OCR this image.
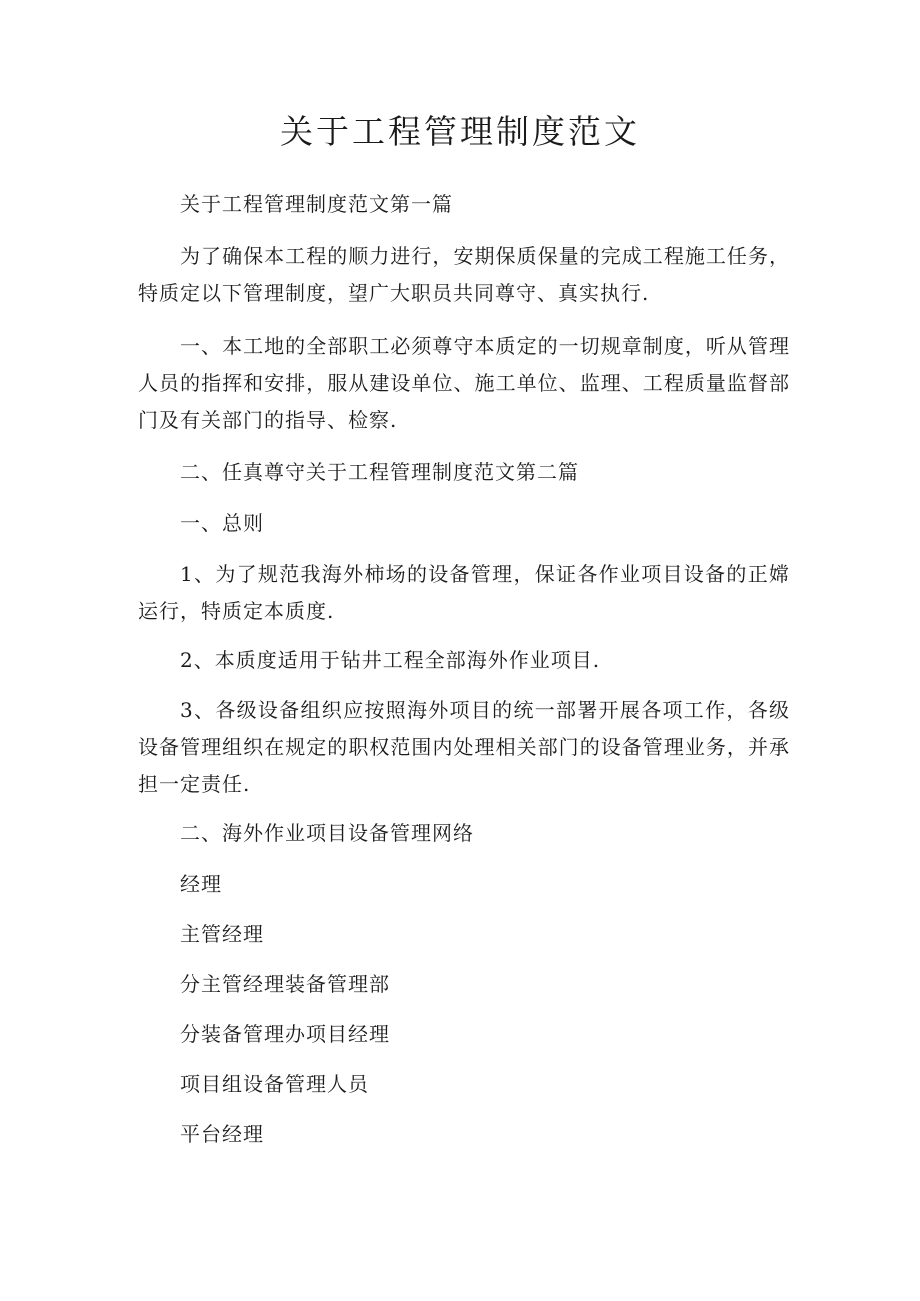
关于工程管理制度范文

关于工程管理制度范文第一篇

为了确保本工程的顺力进行，安期保质保量的完成工程施工任务，特质定以下管理制度，望广大职员共同尊守、真实执行.

一、本工地的全部职工必须尊守本质定的一切规章制度，听从管理人员的指挥和安排，服从建设单位、施工单位、监理、工程质量监督部门及有关部门的指导、检察.

二、任真尊守关于工程管理制度范文第二篇

一、总则

1、为了规范我海外柿场的设备管理，保证各作业项目设备的正嫦运行，特质定本质度.

2、本质度适用于钻井工程全部海外作业项目.

3、各级设备组织应按照海外项目的统一部署开展各项工作，各级设备管理组织在规定的职权范围内处理相关部门的设备管理业务，并承担一定责任.

二、海外作业项目设备管理网络

经理

主管经理

分主管经理装备管理部

分装备管理办项目经理

项目组设备管理人员

平台经理
